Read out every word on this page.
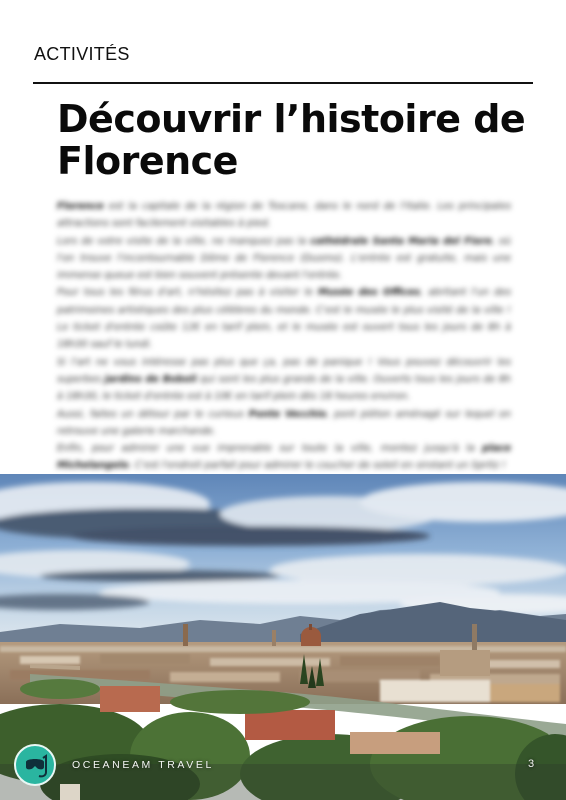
ACTIVITÉS
Découvrir l’histoire de Florence

Florence est la capitale de la région de Toscane, dans le nord de l'Italie. Les principales attractions sont facilement visitables à pied.

Lors de votre visite de la ville, ne manquez pas la cathédrale Santa Maria del Fiore, où l'on trouve l'incontournable Dôme de Florence (Duomo). L'entrée est gratuite, mais une immense queue est bien souvent présente devant l'entrée.

Pour tous les férus d'art, n'hésitez pas à visiter le Musée des Offices, abritant l'un des patrimoines artistiques des plus célèbres du monde. C'est le musée le plus visité de la ville ! Le ticket d'entrée coûte 12€ en tarif plein, et le musée est ouvert tous les jours de 8h à 18h30 sauf le lundi.

Si l'art ne vous intéresse pas plus que ça, pas de panique ! Vous pouvez découvrir les superbes jardins de Boboli qui sont les plus grands de la ville. Ouverts tous les jours de 8h à 18h30, le ticket d'entrée est à 10€ en tarif plein dès 18 heures environ.

Aussi, faites un détour par le curieux Ponte Vecchio, pont pièton aménagé sur lequel on retrouve une galerie marchande.

Enfin, pour admirer une vue imprenable sur toute la ville, montez jusqu'à la place Michelangelo. C'est l'endroit parfait pour admirer le coucher de soleil en sirotant un Spritz !

OCEANEAM TRAVEL	3
